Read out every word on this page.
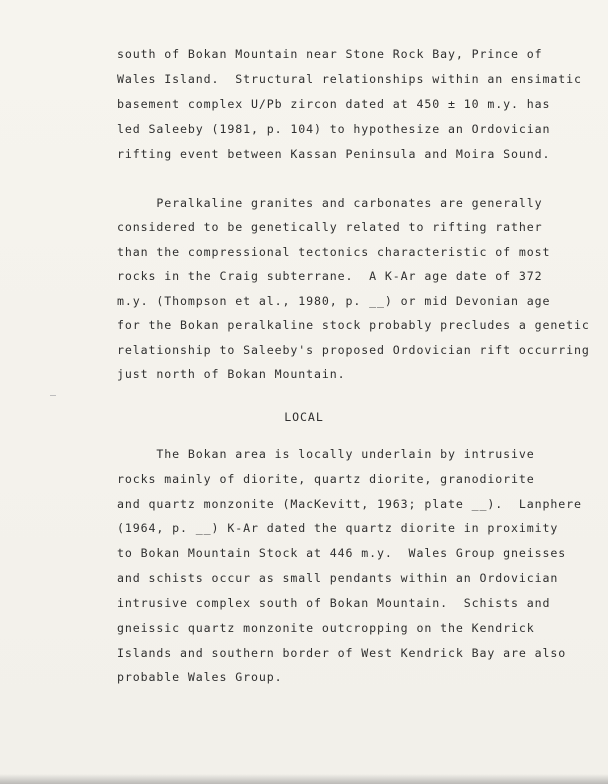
south of Bokan Mountain near Stone Rock Bay, Prince of
Wales Island.  Structural relationships within an ensimatic
basement complex U/Pb zircon dated at 450 ± 10 m.y. has
led Saleeby (1981, p. 104) to hypothesize an Ordovician
rifting event between Kassan Peninsula and Moira Sound.
Peralkaline granites and carbonates are generally
considered to be genetically related to rifting rather
than the compressional tectonics characteristic of most
rocks in the Craig subterrane.  A K-Ar age date of 372
m.y. (Thompson et al., 1980, p. __) or mid Devonian age
for the Bokan peralkaline stock probably precludes a genetic
relationship to Saleeby's proposed Ordovician rift occurring
just north of Bokan Mountain.
LOCAL
The Bokan area is locally underlain by intrusive
rocks mainly of diorite, quartz diorite, granodiorite
and quartz monzonite (MacKevitt, 1963; plate __).  Lanphere
(1964, p. __) K-Ar dated the quartz diorite in proximity
to Bokan Mountain Stock at 446 m.y.  Wales Group gneisses
and schists occur as small pendants within an Ordovician
intrusive complex south of Bokan Mountain.  Schists and
gneissic quartz monzonite outcropping on the Kendrick
Islands and southern border of West Kendrick Bay are also
probable Wales Group.
